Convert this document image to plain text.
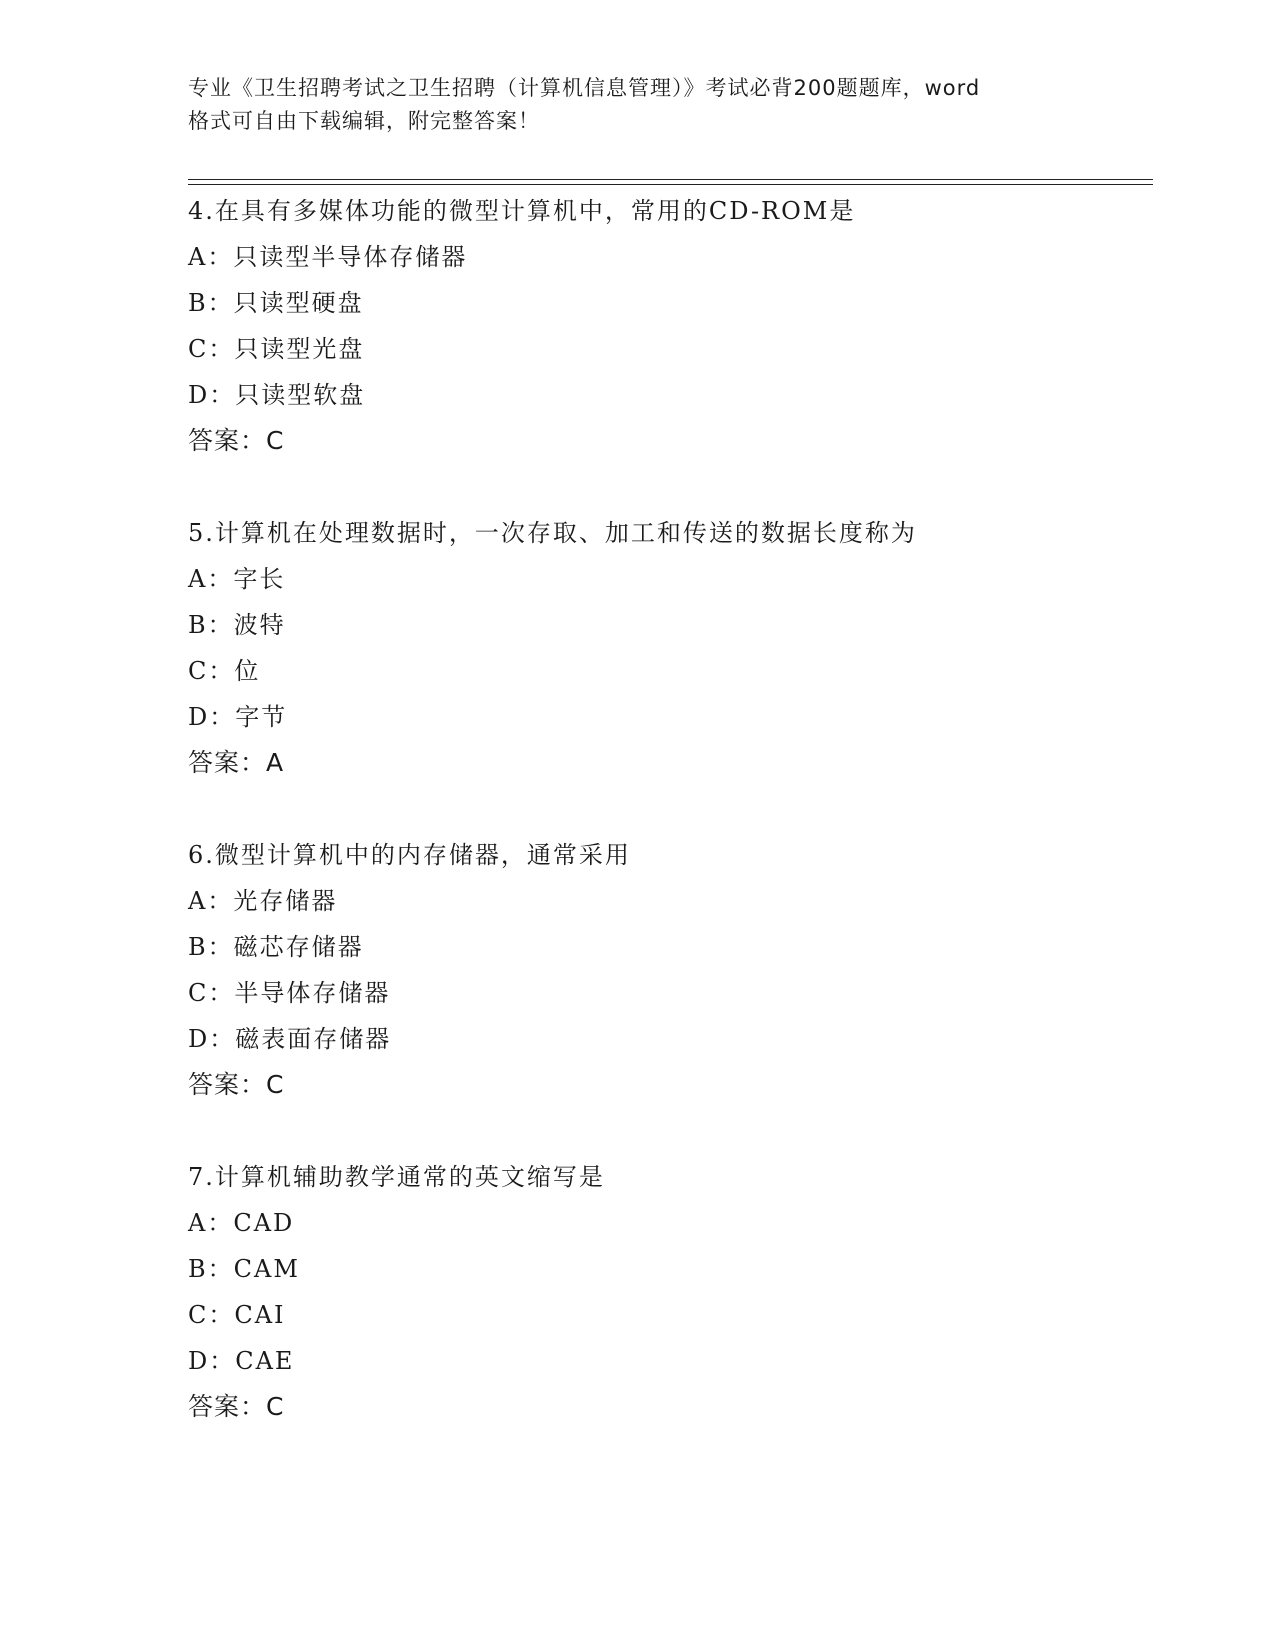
专业《卫生招聘考试之卫生招聘（计算机信息管理）》考试必背200题题库，word
格式可自由下载编辑，附完整答案！
4.在具有多媒体功能的微型计算机中，常用的CD-ROM是
A：只读型半导体存储器
B：只读型硬盘
C：只读型光盘
D：只读型软盘
答案：C
5.计算机在处理数据时，一次存取、加工和传送的数据长度称为
A：字长
B：波特
C：位
D：字节
答案：A
6.微型计算机中的内存储器，通常采用
A：光存储器
B：磁芯存储器
C：半导体存储器
D：磁表面存储器
答案：C
7.计算机辅助教学通常的英文缩写是
A：CAD
B：CAM
C：CAI
D：CAE
答案：C
